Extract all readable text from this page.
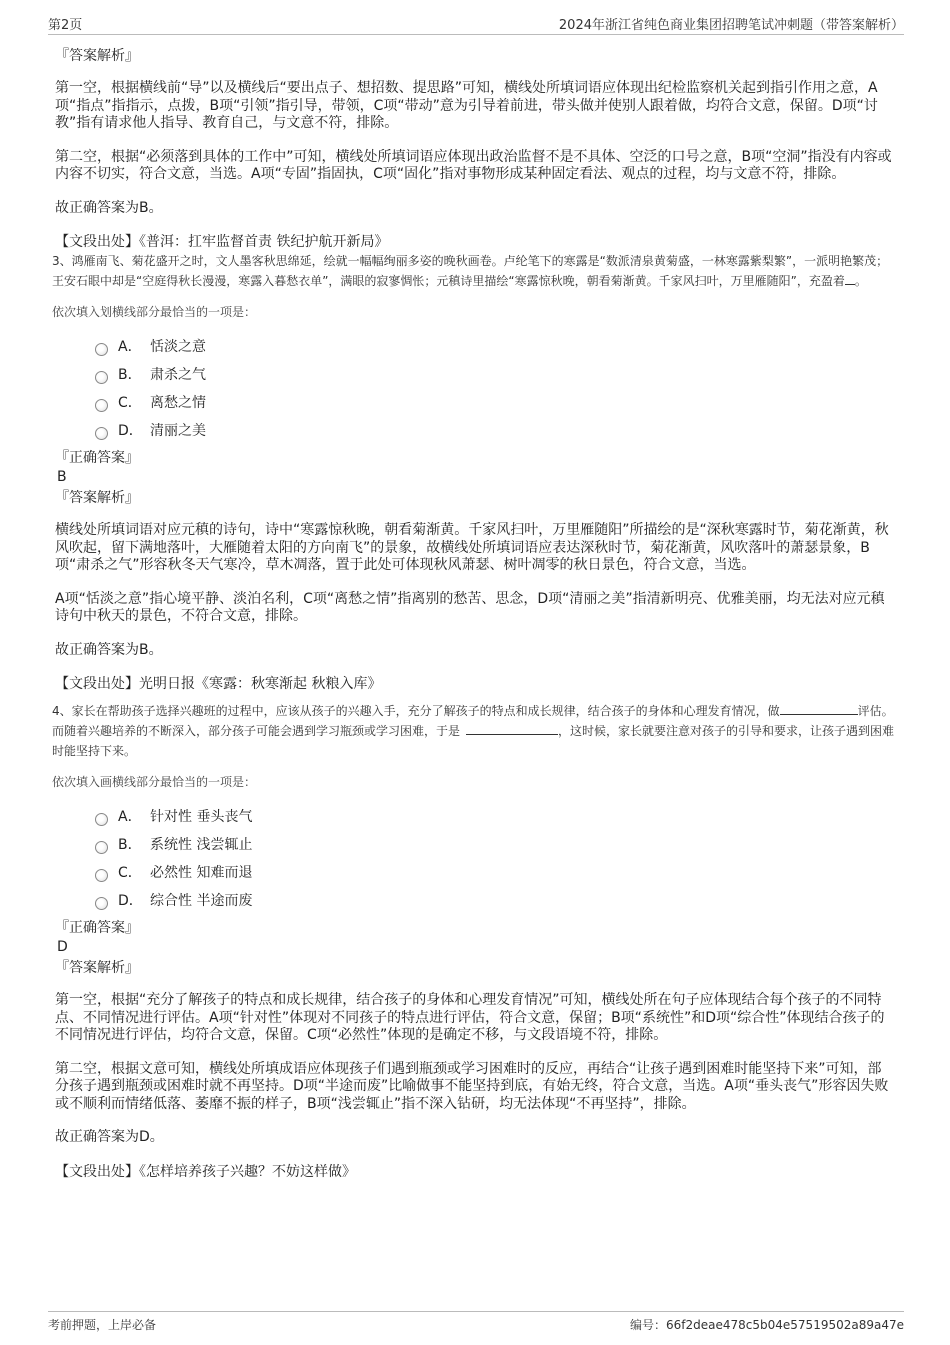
第2页	2024年浙江省纯色商业集团招聘笔试冲刺题（带答案解析）
『答案解析』

第一空，根据横线前“导”以及横线后“要出点子、想招数、提思路”可知，横线处所填词语应体现出纪检监察机关起到指引作用之意，A项“指点”指指示，点拨，B项“引领”指引导，带领，C项“带动”意为引导着前进，带头做并使别人跟着做，均符合文意，保留。D项“讨教”指有请求他人指导、教育自己，与文意不符，排除。

第二空，根据“必须落到具体的工作中”可知，横线处所填词语应体现出政治监督不是不具体、空泛的口号之意，B项“空洞”指没有内容或内容不切实，符合文意，当选。A项“专固”指固执，C项“固化”指对事物形成某种固定看法、观点的过程，均与文意不符，排除。

故正确答案为B。

【文段出处】《普洱：扛牢监督首责 铁纪护航开新局》
3、鸿雁南飞、菊花盛开之时，文人墨客秋思绵延，绘就一幅幅绚丽多姿的晚秋画卷。卢纶笔下的寒露是“数派清泉黄菊盛，一林寒露紫梨繁”，一派明艳繁茂；王安石眼中却是“空庭得秋长漫漫，寒露入暮愁衣单”，满眼的寂寥惆怅；元稹诗里描绘“寒露惊秋晚，朝看菊渐黄。千家风扫叶，万里雁随阳”，充盈着 。
依次填入划横线部分最恰当的一项是：
A． 恬淡之意
B． 肃杀之气
C． 离愁之情
D． 清丽之美
『正确答案』
B
『答案解析』

横线处所填词语对应元稹的诗句，诗中“寒露惊秋晚，朝看菊渐黄。千家风扫叶，万里雁随阳”所描绘的是“深秋寒露时节，菊花渐黄，秋风吹起，留下满地落叶，大雁随着太阳的方向南飞”的景象，故横线处所填词语应表达深秋时节，菊花渐黄，风吹落叶的萧瑟景象，B项“肃杀之气”形容秋冬天气寒冷，草木凋落，置于此处可体现秋风萧瑟、树叶凋零的秋日景色，符合文意，当选。

A项“恬淡之意”指心境平静、淡泊名利，C项“离愁之情”指离别的愁苦、思念，D项“清丽之美”指清新明亮、优雅美丽，均无法对应元稹诗句中秋天的景色，不符合文意，排除。

故正确答案为B。

【文段出处】光明日报《寒露：秋寒渐起 秋粮入库》
4、家长在帮助孩子选择兴趣班的过程中，应该从孩子的兴趣入手，充分了解孩子的特点和成长规律，结合孩子的身体和心理发育情况，做	评估。而随着兴趣培养的不断深入，部分孩子可能会遇到学习瓶颈或学习困难，于是	，这时候，家长就要注意对孩子的引导和要求，让孩子遇到困难时能坚持下来。
依次填入画横线部分最恰当的一项是：
A． 针对性 垂头丧气
B． 系统性 浅尝辄止
C． 必然性 知难而退
D． 综合性 半途而废
『正确答案』
D
『答案解析』

第一空，根据“充分了解孩子的特点和成长规律，结合孩子的身体和心理发育情况”可知，横线处所在句子应体现结合每个孩子的不同特点、不同情况进行评估。A项“针对性”体现对不同孩子的特点进行评估，符合文意，保留；B项“系统性”和D项“综合性”体现结合孩子的不同情况进行评估，均符合文意，保留。C项“必然性”体现的是确定不移，与文段语境不符，排除。

第二空，根据文意可知，横线处所填成语应体现孩子们遇到瓶颈或学习困难时的反应，再结合“让孩子遇到困难时能坚持下来”可知，部分孩子遇到瓶颈或困难时就不再坚持。D项“半途而废”比喻做事不能坚持到底，有始无终，符合文意，当选。A项“垂头丧气”形容因失败或不顺利而情绪低落、萎靡不振的样子，B项“浅尝辄止”指不深入钻研，均无法体现“不再坚持”，排除。

故正确答案为D。

【文段出处】《怎样培养孩子兴趣？不妨这样做》
考前押题，上岸必备	编号：66f2deae478c5b04e57519502a89a47e
